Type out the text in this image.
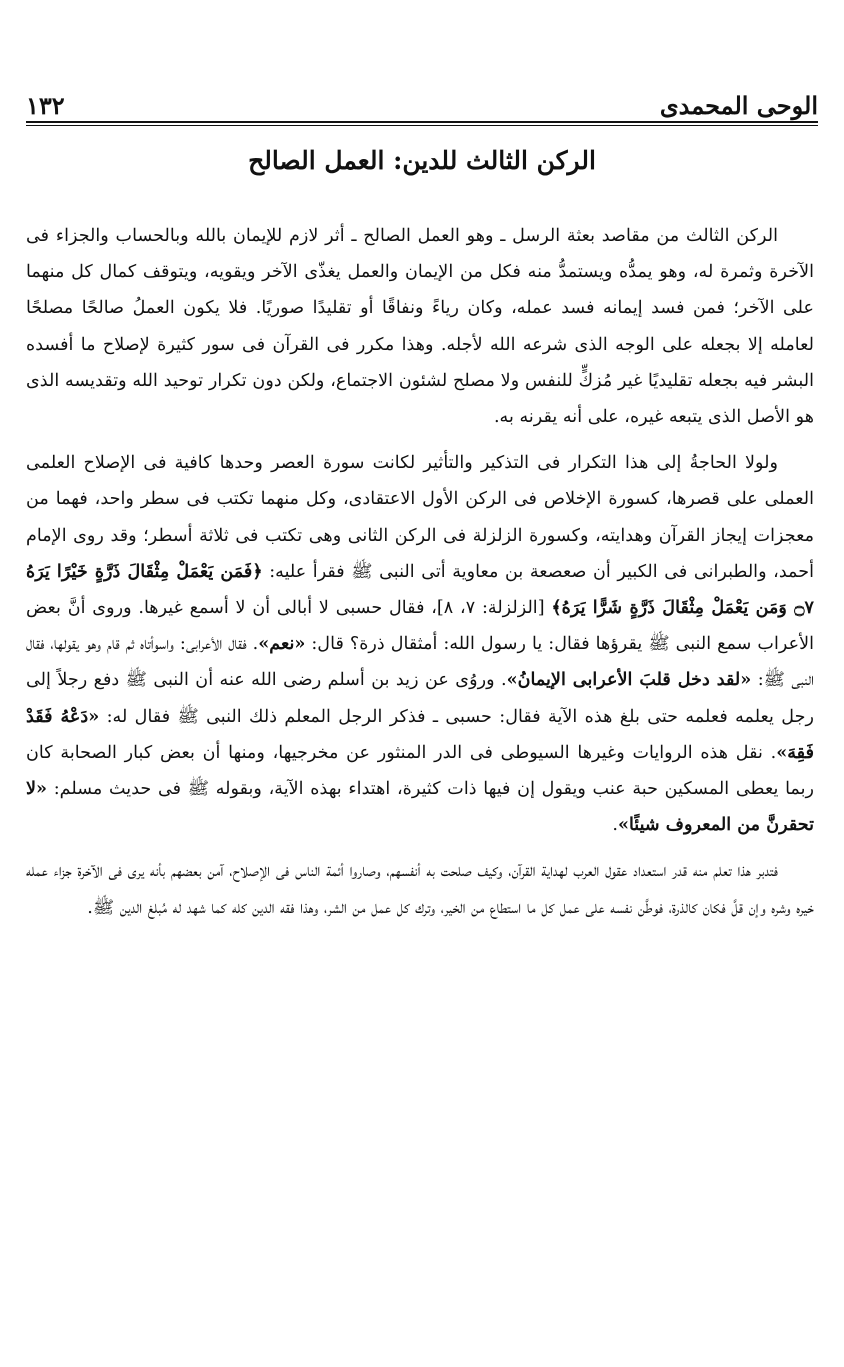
الوحى المحمدى
١٣٢
الركن الثالث للدين: العمل الصالح

الركن الثالث من مقاصد بعثة الرسل ـ وهو العمل الصالح ـ أثر لازم للإيمان بالله وبالحساب والجزاء فى الآخرة وثمرة له، وهو يمدُّه ويستمدُّ منه فكل من الإيمان والعمل يغذّى الآخر ويقويه، ويتوقف كمال كل منهما على الآخر؛ فمن فسد إيمانه فسد عمله، وكان رياءً ونفاقًا أو تقليدًا صوريًا. فلا يكون العملُ صالحًا مصلحًا لعامله إلا بجعله على الوجه الذى شرعه الله لأجله. وهذا مكرر فى القرآن فى سور كثيرة لإصلاح ما أفسده البشر فيه بجعله تقليديًا غير مُزكٍّ للنفس ولا مصلح لشئون الاجتماع، ولكن دون تكرار توحيد الله وتقديسه الذى هو الأصل الذى يتبعه غيره، على أنه يقرنه به.

ولولا الحاجةُ إلى هذا التكرار فى التذكير والتأثير لكانت سورة العصر وحدها كافية فى الإصلاح العلمى العملى على قصرها، كسورة الإخلاص فى الركن الأول الاعتقادى، وكل منهما تكتب فى سطر واحد، فهما من معجزات إيجاز القرآن وهدايته، وكسورة الزلزلة فى الركن الثانى وهى تكتب فى ثلاثة أسطر؛ وقد روى الإمام أحمد، والطبرانى فى الكبير أن صعصعة بن معاوية أتى النبى ﷺ فقرأ عليه: ﴿فَمَن يَعْمَلْ مِثْقَالَ ذَرَّةٍ خَيْرًا يَرَهُ ۝٧ وَمَن يَعْمَلْ مِثْقَالَ ذَرَّةٍ شَرًّا يَرَهُ﴾ [الزلزلة: ٧، ٨]، فقال حسبى لا أبالى أن لا أسمع غيرها. وروى أنَّ بعض الأعراب سمع النبى ﷺ يقرؤها فقال: يا رسول الله: أمثقال ذرة؟ قال: «نعم». فقال الأعرابى: واسوأتاه ثم قام وهو يقولها، فقال النبى ﷺ: «لقد دخل قلبَ الأعرابى الإيمانُ». وروُى عن زيد بن أسلم رضى الله عنه أن النبى ﷺ دفع رجلاً إلى رجل يعلمه فعلمه حتى بلغ هذه الآية فقال: حسبى ـ فذكر الرجل المعلم ذلك النبى ﷺ فقال له: «دَعْهُ فَقَدْ فَقِهَ». نقل هذه الروايات وغيرها السيوطى فى الدر المنثور عن مخرجيها، ومنها أن بعض كبار الصحابة كان ربما يعطى المسكين حبة عنب ويقول إن فيها ذات كثيرة، اهتداء بهذه الآية، وبقوله ﷺ فى حديث مسلم: «لا تحقرنَّ من المعروف شيئًا».

فتدبر هذا تعلم منه قدر استعداد عقول العرب لهداية القرآن، وكيف صلحت به أنفسهم، وصاروا أئمة الناس فى الإصلاح، آمن بعضهم بأنه يرى فى الآخرة جزاء عمله خيره وشره وإن قلَّ فكان كالذرة، فوطَّن نفسه على عمل كل ما استطاع من الخير، وترك كل عمل من الشر، وهذا فقه الدين كله كما شهد له مُبلغ الدين ﷺ.
